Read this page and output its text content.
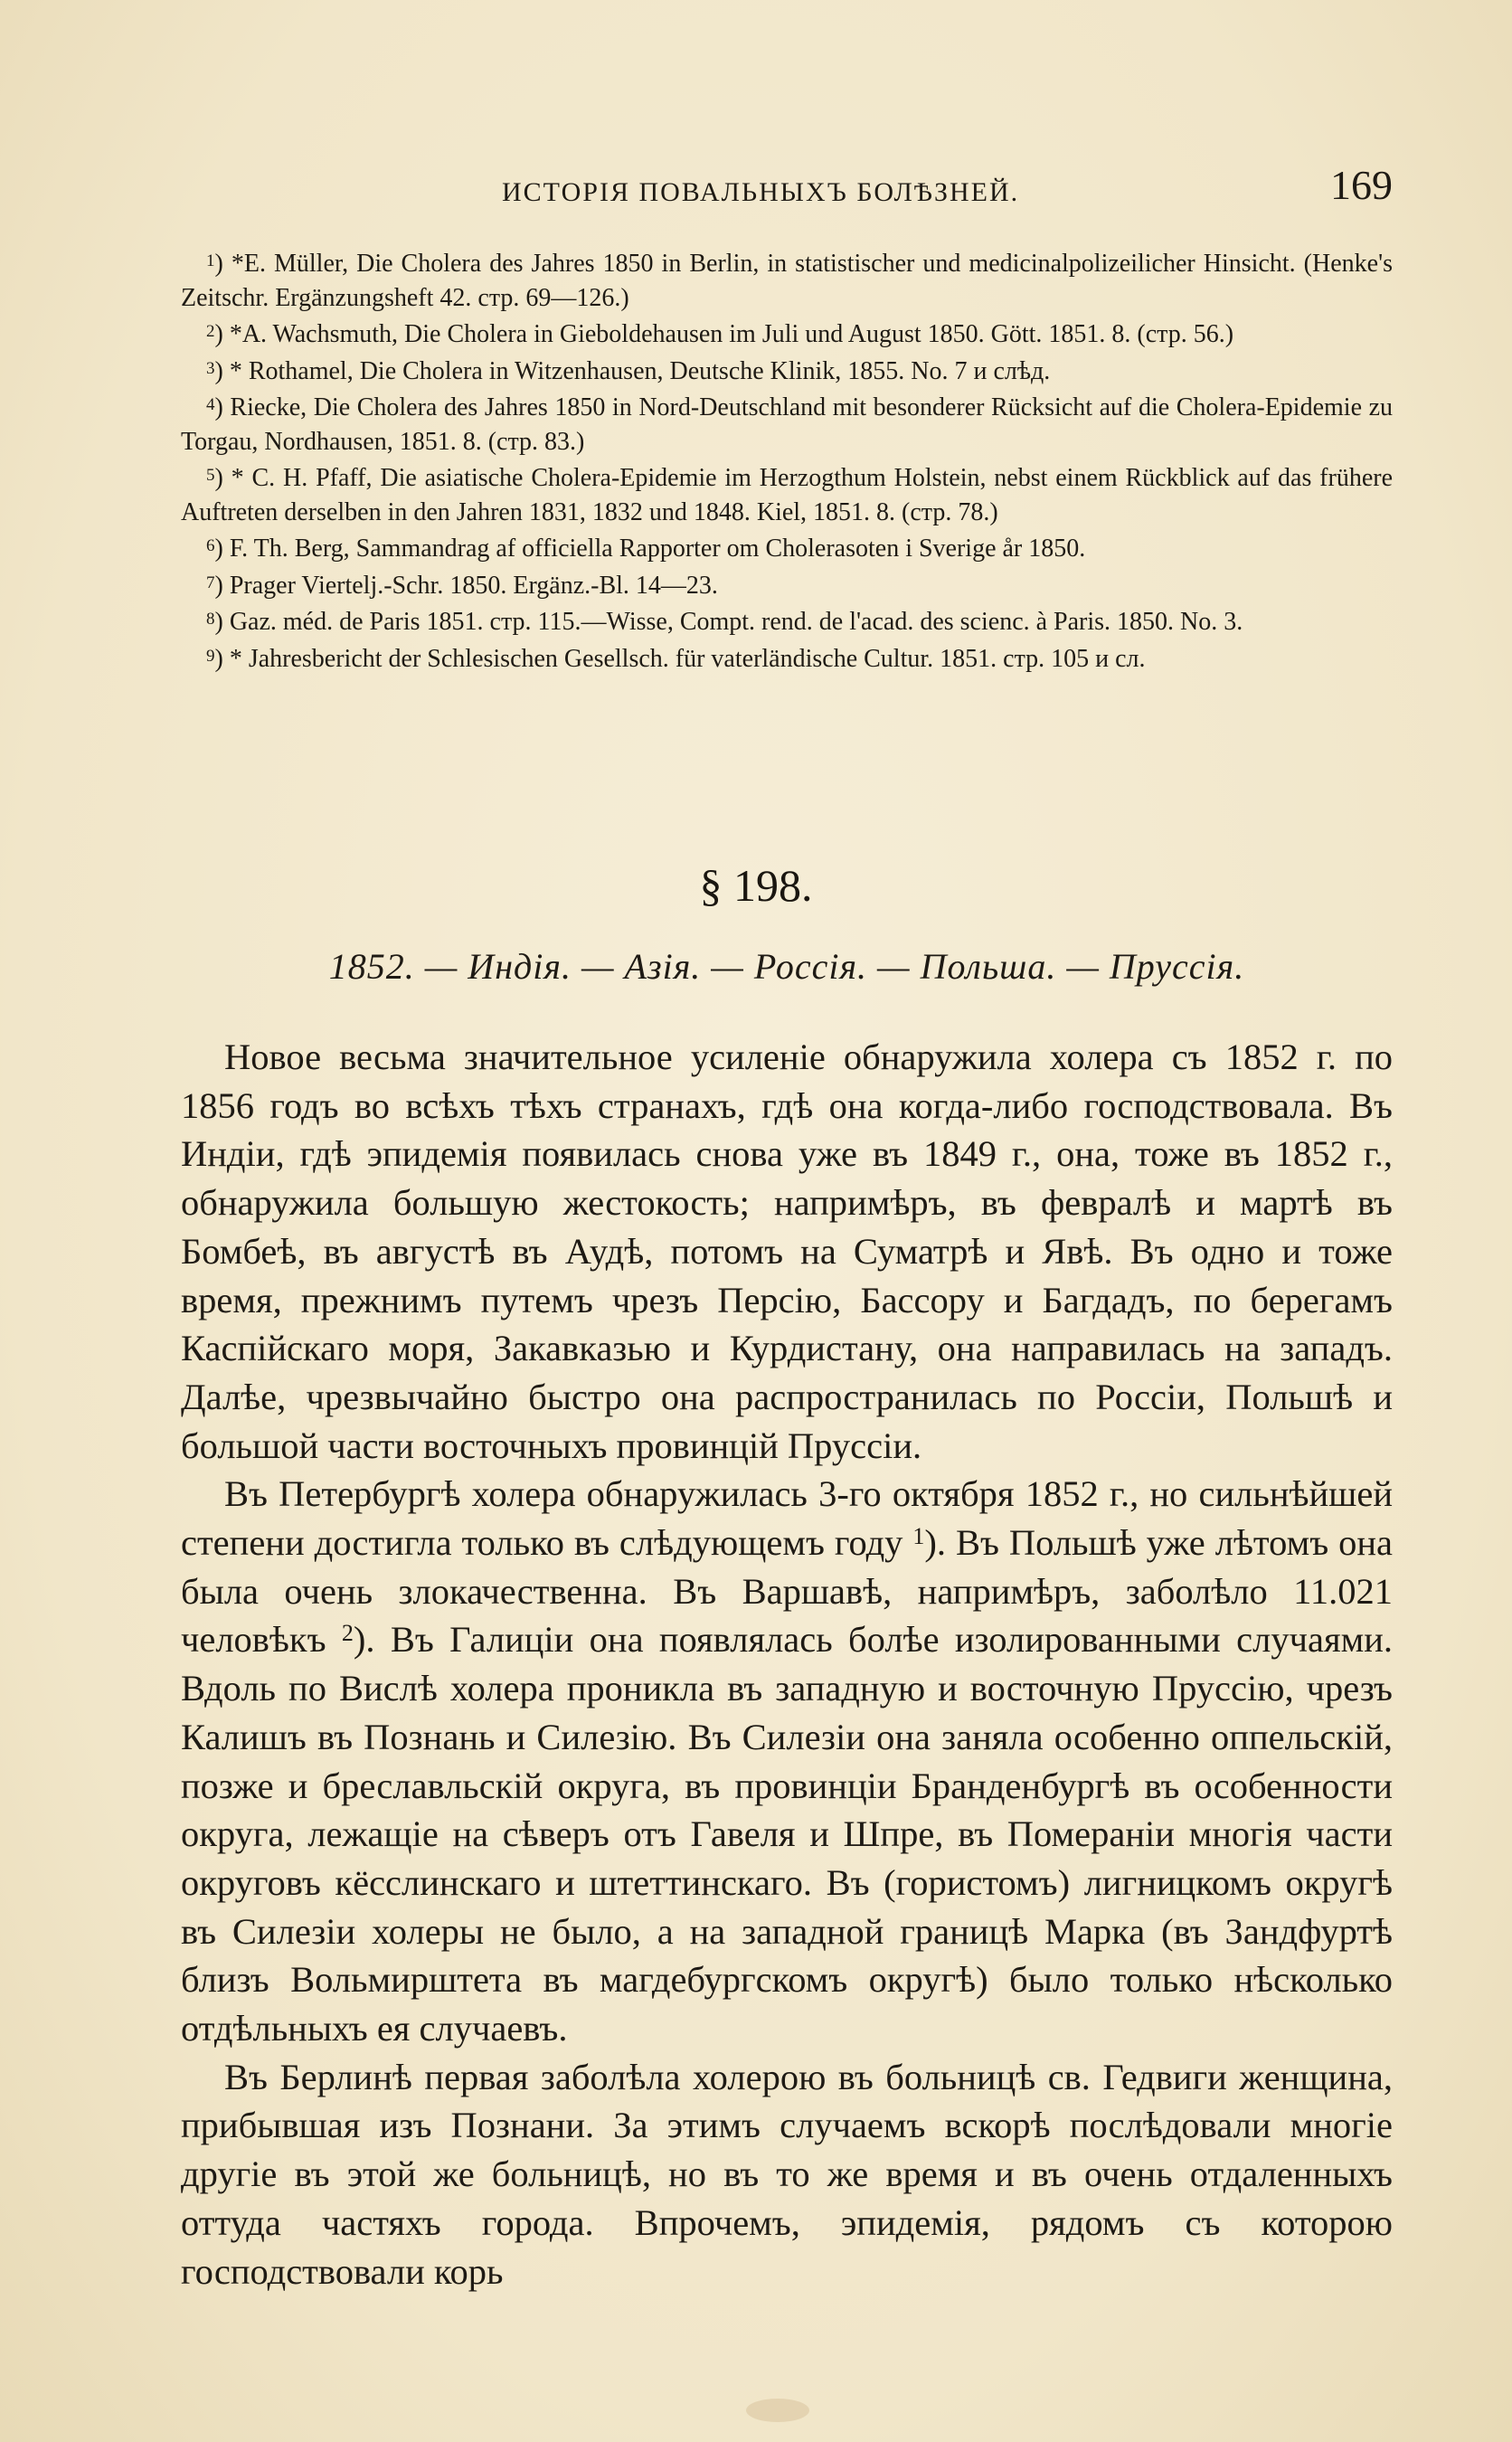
ИСТОРІЯ ПОВАЛЬНЫХЪ БОЛѢЗНЕЙ.	169

$^1$) *E. Müller, Die Cholera des Jahres 1850 in Berlin, in statistischer und medicinalpolizeilicher Hinsicht. (Henke's Zeitschr. Ergänzungsheft 42. стр. 69—126.)

$^2$) *A. Wachsmuth, Die Cholera in Gieboldehausen im Juli und August 1850. Gött. 1851. 8. (стр. 56.)

$^3$) * Rothamel, Die Cholera in Witzenhausen, Deutsche Klinik, 1855. No. 7 и слѣд.

$^4$) Riecke, Die Cholera des Jahres 1850 in Nord-Deutschland mit besonderer Rücksicht auf die Cholera-Epidemie zu Torgau, Nordhausen, 1851. 8. (стр. 83.)

$^5$) * C. H. Pfaff, Die asiatische Cholera-Epidemie im Herzogthum Holstein, nebst einem Rückblick auf das frühere Auftreten derselben in den Jahren 1831, 1832 und 1848. Kiel, 1851. 8. (стр. 78.)

$^6$) F. Th. Berg, Sammandrag af officiella Rapporter om Cholerasoten i Sverige år 1850.

$^7$) Prager Viertelj.-Schr. 1850. Ergänz.-Bl. 14—23.

$^8$) Gaz. méd. de Paris 1851. стр. 115.—Wisse, Compt. rend. de l'acad. des scienc. à Paris. 1850. No. 3.

$^9$) * Jahresbericht der Schlesischen Gesellsch. für vaterländische Cultur. 1851. стр. 105 и сл.

§ 198.
1852. — Индія. — Азія. — Россія. — Польша. — Пруссія.

Новое весьма значительное усиленіе обнаружила холера съ 1852 г. по 1856 годъ во всѣхъ тѣхъ странахъ, гдѣ она когда-либо господствовала. Въ Индіи, гдѣ эпидемія появилась снова уже въ 1849 г., она, тоже въ 1852 г., обнаружила большую жестокость; напримѣръ, въ февралѣ и мартѣ въ Бомбеѣ, въ августѣ въ Аудѣ, потомъ на Суматрѣ и Явѣ. Въ одно и тоже время, прежнимъ путемъ чрезъ Персію, Бассору и Багдадъ, по берегамъ Каспійскаго моря, Закавказью и Курдистану, она направилась на западъ. Далѣе, чрезвычайно быстро она распространилась по Россіи, Польшѣ и большой части восточныхъ провинцій Пруссіи.

Въ Петербургѣ холера обнаружилась 3-го октября 1852 г., но сильнѣйшей степени достигла только въ слѣдующемъ году $^1$). Въ Польшѣ уже лѣтомъ она была очень злокачественна. Въ Варшавѣ, напримѣръ, заболѣло 11.021 человѣкъ $^2$). Въ Галиціи она появлялась болѣе изолированными случаями. Вдоль по Вислѣ холера проникла въ западную и восточную Пруссію, чрезъ Калишъ въ Познань и Силезію. Въ Силезіи она заняла особенно оппельскій, позже и бреславльскій округа, въ провинціи Бранденбургѣ въ особенности округа, лежащіе на сѣверъ отъ Гавеля и Шпре, въ Помераніи многія части округовъ кёсслинскаго и штеттинскаго. Въ (гористомъ) лигницкомъ округѣ въ Силезіи холеры не было, а на западной границѣ Марка (въ Зандфуртѣ близъ Вольмирштета въ магдебургскомъ округѣ) было только нѣсколько отдѣльныхъ ея случаевъ.

Въ Берлинѣ первая заболѣла холерою въ больницѣ св. Гедвиги женщина, прибывшая изъ Познани. За этимъ случаемъ вскорѣ послѣдовали многіе другіе въ этой же больницѣ, но въ то же время и въ очень отдаленныхъ оттуда частяхъ города. Впрочемъ, эпидемія, рядомъ съ которою господствовали корь
